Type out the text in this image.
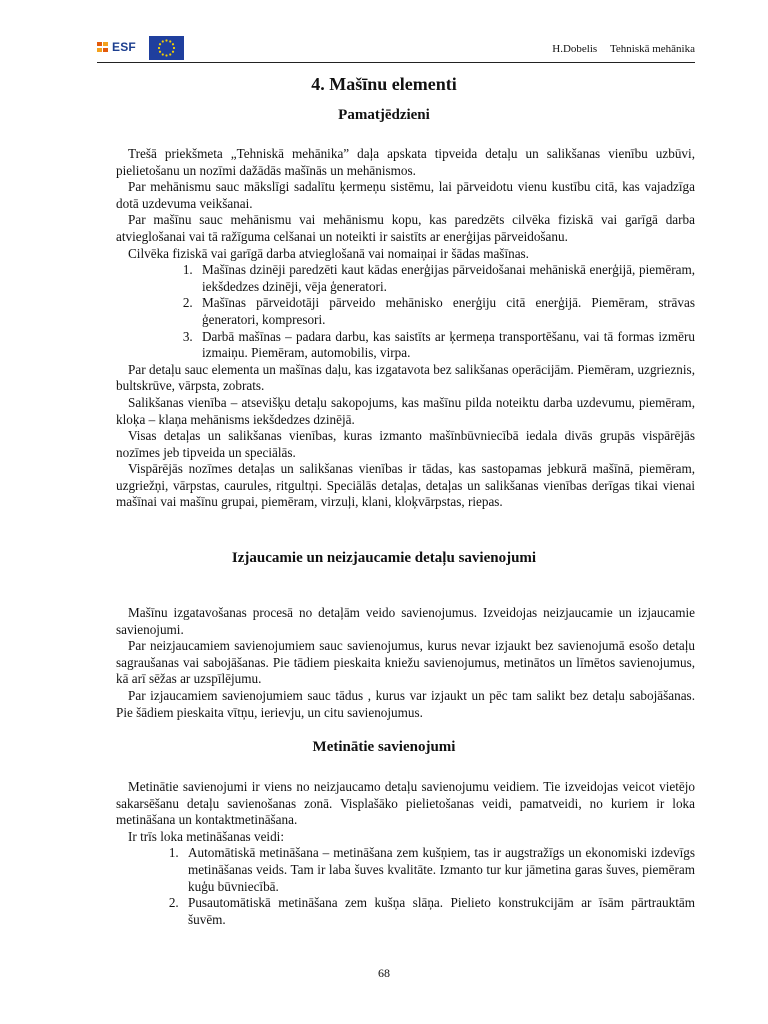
ESF	H.Dobelis Tehniskā mehānika
4. Mašīnu elementi
Pamatjēdzieni

Trešā priekšmeta „Tehniskā mehānika” daļa apskata tipveida detaļu un salikšanas vienību uzbūvi, pielietošanu un nozīmi dažādās mašīnās un mehānismos.

Par mehānismu sauc mākslīgi sadalītu ķermeņu sistēmu, lai pārveidotu vienu kustību citā, kas vajadzīga dotā uzdevuma veikšanai.

Par mašīnu sauc mehānismu vai mehānismu kopu, kas paredzēts cilvēka fiziskā vai garīgā darba atvieglošanai vai tā ražīguma celšanai un noteikti ir saistīts ar enerģijas pārveidošanu.

Cilvēka fiziskā vai garīgā darba atvieglošanā vai nomaiņai ir šādas mašīnas.

1. Mašīnas dzinēji paredzēti kaut kādas enerģijas pārveidošanai mehāniskā enerģijā, piemēram, iekšdedzes dzinēji, vēja ģeneratori.
2. Mašīnas pārveidotāji pārveido mehānisko enerģiju citā enerģijā. Piemēram, strāvas ģeneratori, kompresori.
3. Darbā mašīnas – padara darbu, kas saistīts ar ķermeņa transportēšanu, vai tā formas izmēru izmaiņu. Piemēram, automobilis, virpa.

Par detaļu sauc elementa un mašīnas daļu, kas izgatavota bez salikšanas operācijām. Piemēram, uzgrieznis, bultskrūve, vārpsta, zobrats.

Salikšanas vienība – atsevišķu detaļu sakopojums, kas mašīnu pilda noteiktu darba uzdevumu, piemēram, kloķa – klaņa mehānisms iekšdedzes dzinējā.

Visas detaļas un salikšanas vienības, kuras izmanto mašīnbūvniecībā iedala divās grupās vispārējās nozīmes jeb tipveida un speciālās.

Vispārējās nozīmes detaļas un salikšanas vienības ir tādas, kas sastopamas jebkurā mašīnā, piemēram, uzgriežņi, vārpstas, caurules, ritgultņi. Speciālās detaļas, detaļas un salikšanas vienības derīgas tikai vienai mašīnai vai mašīnu grupai, piemēram, virzuļi, klani, kloķvārpstas, riepas.

Izjaucamie un neizjaucamie detaļu savienojumi

Mašīnu izgatavošanas procesā no detaļām veido savienojumus. Izveidojas neizjaucamie un izjaucamie savienojumi.

Par neizjaucamiem savienojumiem sauc savienojumus, kurus nevar izjaukt bez savienojumā esošo detaļu sagraušanas vai sabojāšanas. Pie tādiem pieskaita kniežu savienojumus, metinātos un līmētos savienojumus, kā arī sēžas ar uzspīlējumu.

Par izjaucamiem savienojumiem sauc tādus , kurus var izjaukt un pēc tam salikt bez detaļu sabojāšanas. Pie šādiem pieskaita vītņu, ierievju, un citu savienojumus.

Metinātie savienojumi

Metinātie savienojumi ir viens no neizjaucamo detaļu savienojumu veidiem. Tie izveidojas veicot vietējo sakarsēšanu detaļu savienošanas zonā. Visplašāko pielietošanas veidi, pamatveidi, no kuriem ir loka metināšana un kontaktmetināšana.

Ir trīs loka metināšanas veidi:

1. Automātiskā metināšana – metināšana zem kušņiem, tas ir augstražīgs un ekonomiski izdevīgs metināšanas veids. Tam ir laba šuves kvalitāte. Izmanto tur kur jāmetina garas šuves, piemēram kuģu būvniecībā.
2. Pusautomātiskā metināšana zem kušņa slāņa. Pielieto konstrukcijām ar īsām pārtrauktām šuvēm.
68
